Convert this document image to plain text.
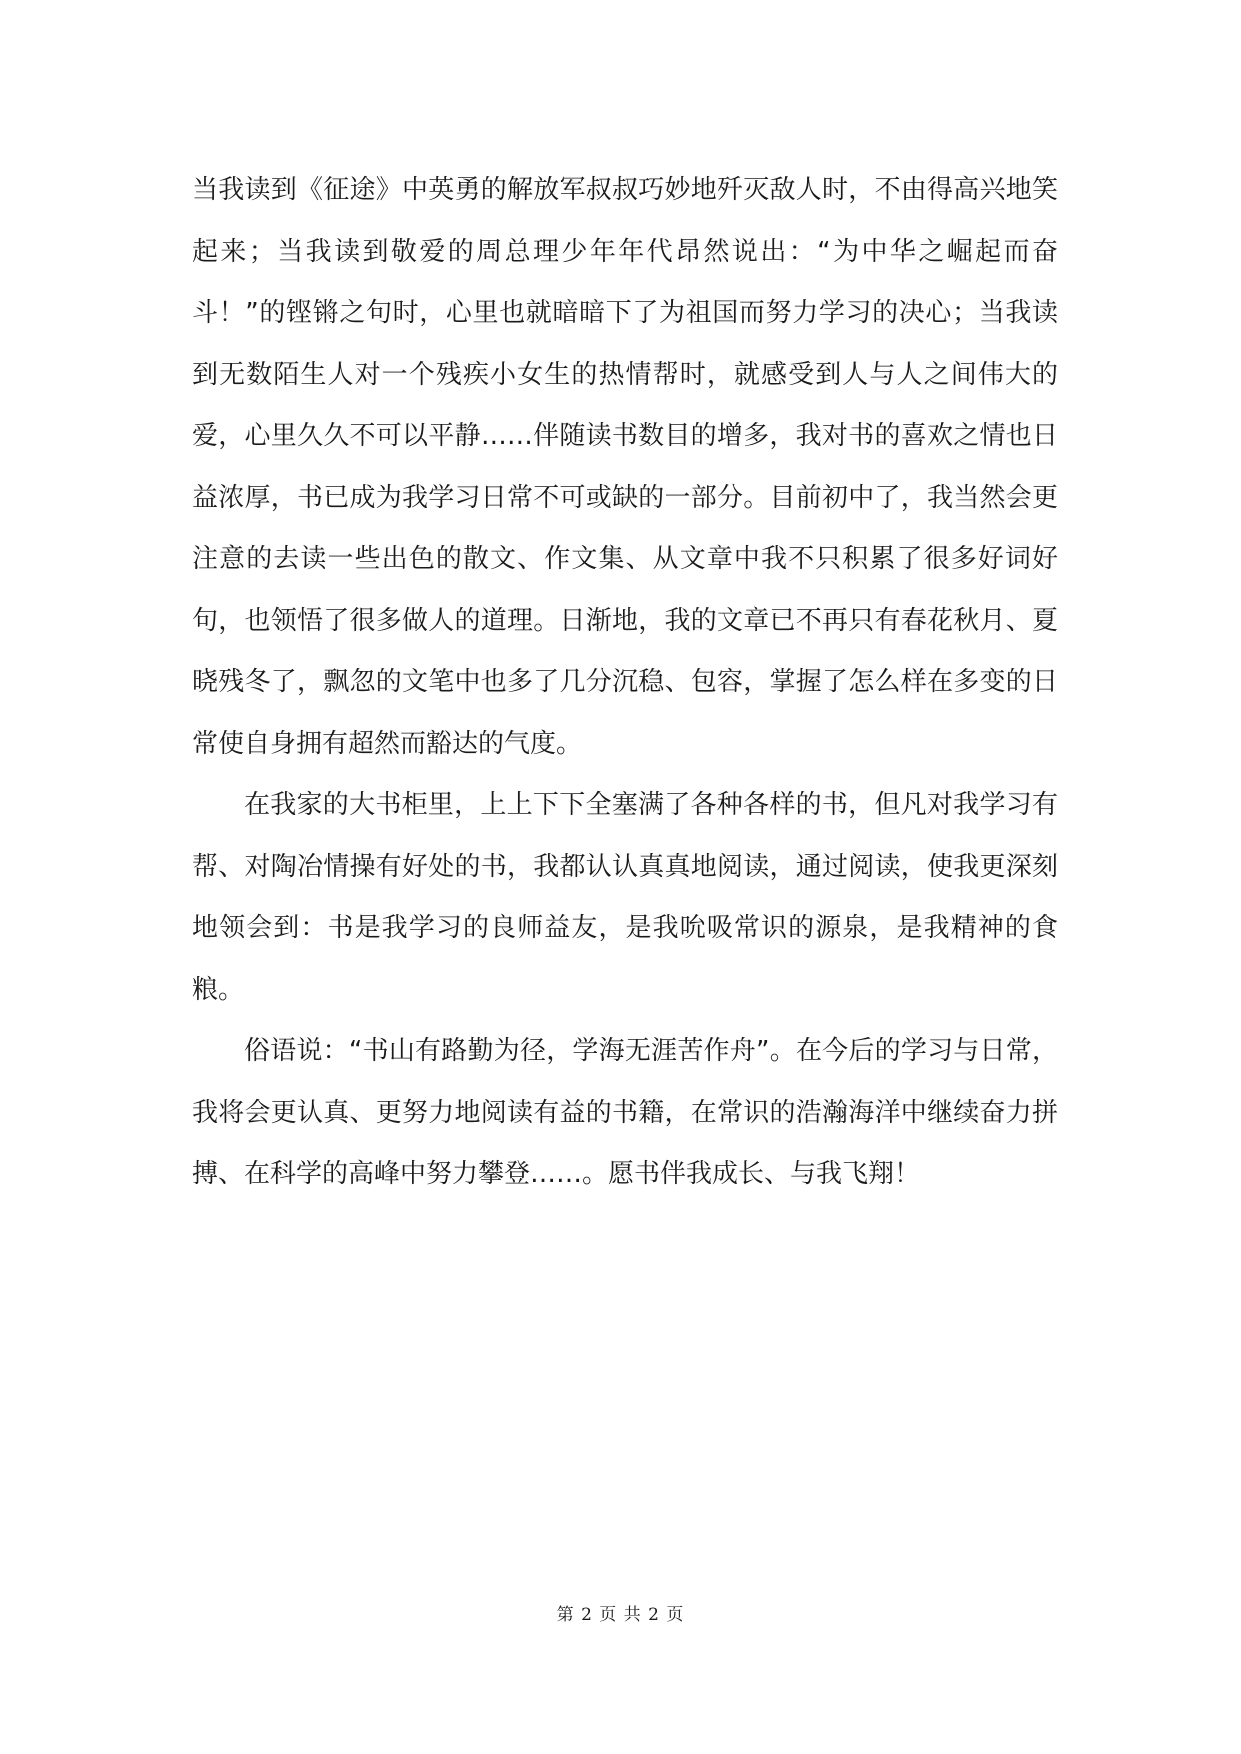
当我读到《征途》中英勇的解放军叔叔巧妙地歼灭敌人时，不由得高兴地笑起来；当我读到敬爱的周总理少年年代昂然说出：“为中华之崛起而奋斗！”的铿锵之句时，心里也就暗暗下了为祖国而努力学习的决心；当我读到无数陌生人对一个残疾小女生的热情帮时，就感受到人与人之间伟大的爱，心里久久不可以平静……伴随读书数目的增多，我对书的喜欢之情也日益浓厚，书已成为我学习日常不可或缺的一部分。目前初中了，我当然会更注意的去读一些出色的散文、作文集、从文章中我不只积累了很多好词好句，也领悟了很多做人的道理。日渐地，我的文章已不再只有春花秋月、夏晓残冬了，飘忽的文笔中也多了几分沉稳、包容，掌握了怎么样在多变的日常使自身拥有超然而豁达的气度。

在我家的大书柜里，上上下下全塞满了各种各样的书，但凡对我学习有帮、对陶冶情操有好处的书，我都认认真真地阅读，通过阅读，使我更深刻地领会到：书是我学习的良师益友，是我吮吸常识的源泉，是我精神的食粮。

俗语说：“书山有路勤为径，学海无涯苦作舟”。在今后的学习与日常，我将会更认真、更努力地阅读有益的书籍，在常识的浩瀚海洋中继续奋力拼搏、在科学的高峰中努力攀登……。愿书伴我成长、与我飞翔！

第 2 页 共 2 页
